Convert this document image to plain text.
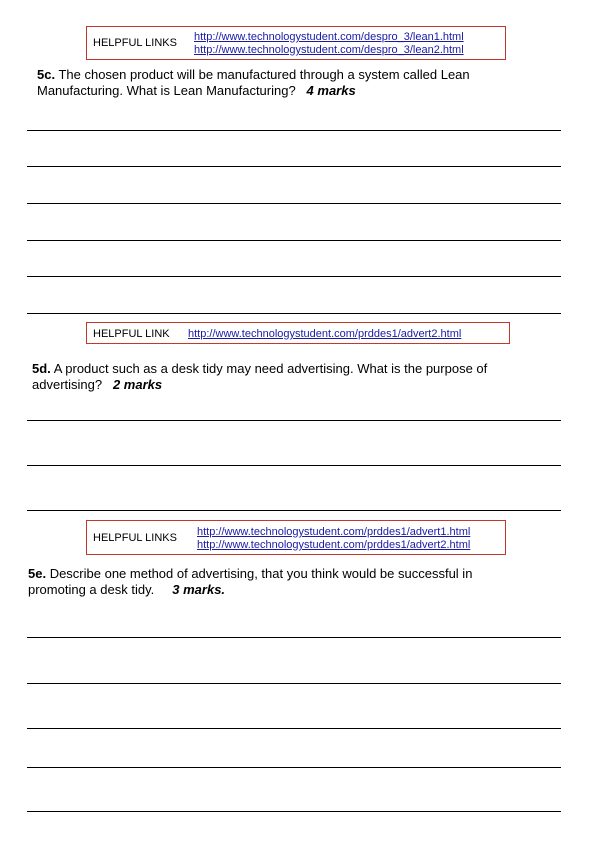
HELPFUL LINKS http://www.technologystudent.com/despro_3/lean1.html
http://www.technologystudent.com/despro_3/lean2.html

5c. The chosen product will be manufactured through a system called Lean Manufacturing. What is Lean Manufacturing? 4 marks

HELPFUL LINK http://www.technologystudent.com/prddes1/advert2.html

5d. A product such as a desk tidy may need advertising. What is the purpose of advertising? 2 marks

HELPFUL LINKS http://www.technologystudent.com/prddes1/advert1.html
http://www.technologystudent.com/prddes1/advert2.html

5e. Describe one method of advertising, that you think would be successful in promoting a desk tidy. 3 marks.
